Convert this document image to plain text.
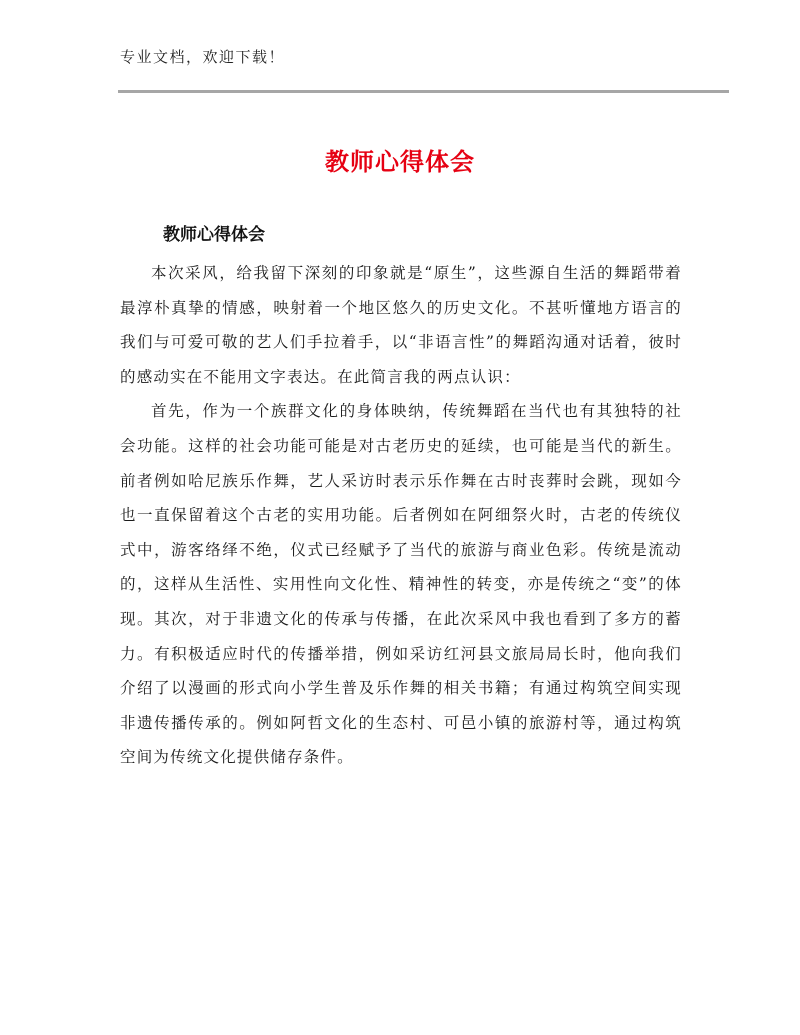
专业文档，欢迎下载！
教师心得体会
教师心得体会

本次采风，给我留下深刻的印象就是“原生”，这些源自生活的舞蹈带着最淳朴真挚的情感，映射着一个地区悠久的历史文化。不甚听懂地方语言的我们与可爱可敬的艺人们手拉着手，以“非语言性”的舞蹈沟通对话着，彼时的感动实在不能用文字表达。在此简言我的两点认识：

首先，作为一个族群文化的身体映纳，传统舞蹈在当代也有其独特的社会功能。这样的社会功能可能是对古老历史的延续，也可能是当代的新生。前者例如哈尼族乐作舞，艺人采访时表示乐作舞在古时丧葬时会跳，现如今也一直保留着这个古老的实用功能。后者例如在阿细祭火时，古老的传统仪式中，游客络绎不绝，仪式已经赋予了当代的旅游与商业色彩。传统是流动的，这样从生活性、实用性向文化性、精神性的转变，亦是传统之“变”的体现。其次，对于非遗文化的传承与传播，在此次采风中我也看到了多方的蓄力。有积极适应时代的传播举措，例如采访红河县文旅局局长时，他向我们介绍了以漫画的形式向小学生普及乐作舞的相关书籍；有通过构筑空间实现非遗传播传承的。例如阿哲文化的生态村、可邑小镇的旅游村等，通过构筑空间为传统文化提供储存条件。
